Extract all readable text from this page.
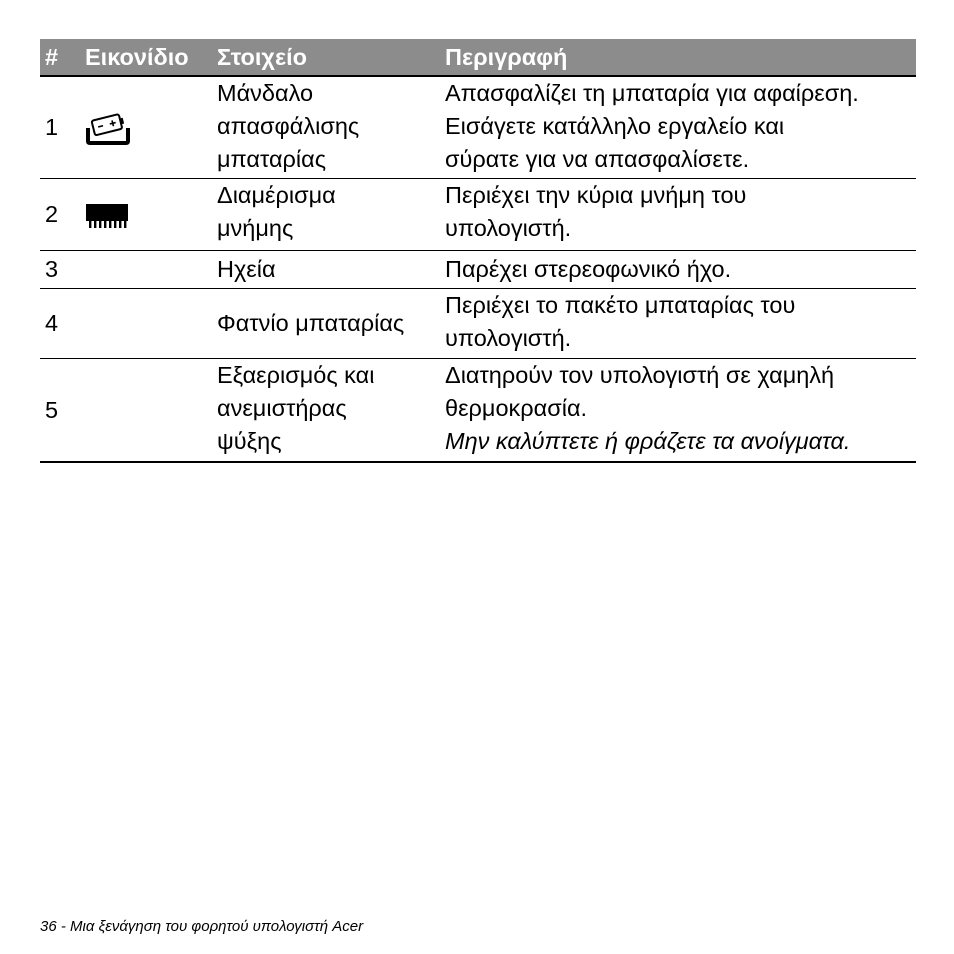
#	Εικονίδιο	Στοιχείο	Περιγραφή
1		Μάνδαλο
απασφάλισης
μπαταρίας	Απασφαλίζει τη μπαταρία για αφαίρεση.
Εισάγετε κατάλληλο εργαλείο και
σύρατε για να απασφαλίσετε.

2		Διαμέρισμα
μνήμης	Περιέχει την κύρια μνήμη του
υπολογιστή.

3		Ηχεία	Παρέχει στερεοφωνικό ήχο.

4		Φατνίο μπαταρίας	Περιέχει το πακέτο μπαταρίας του
υπολογιστή.

5		Εξαερισμός και
ανεμιστήρας
ψύξης	Διατηρούν τον υπολογιστή σε χαμηλή
θερμοκρασία.
Μην καλύπτετε ή φράζετε τα ανοίγματα.
36 - Μια ξενάγηση του φορητού υπολογιστή Acer
